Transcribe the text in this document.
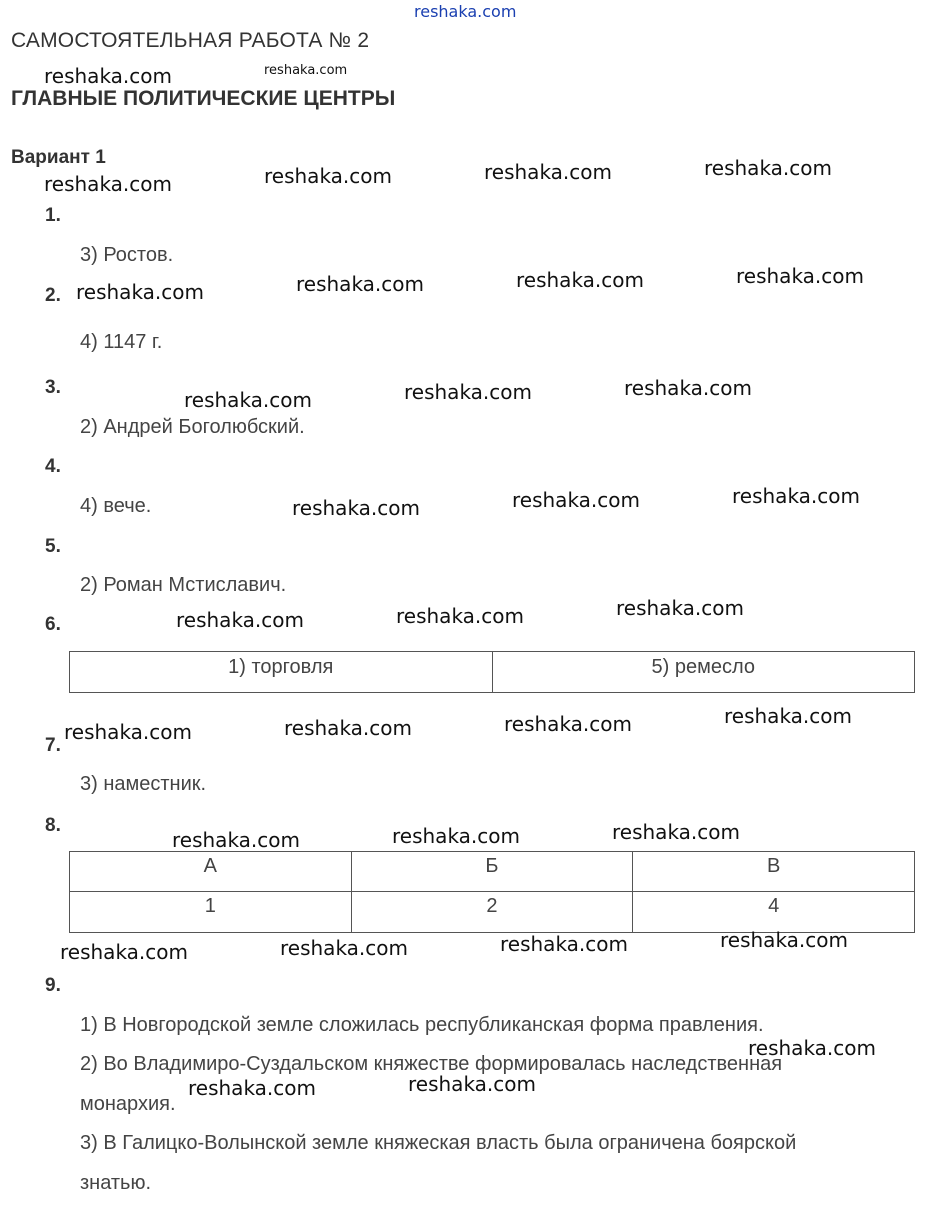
reshaka.com
САМОСТОЯТЕЛЬНАЯ РАБОТА № 2
ГЛАВНЫЕ ПОЛИТИЧЕСКИЕ ЦЕНТРЫ
Вариант 1
1.
3) Ростов.
2.
4) 1147 г.
3.
2) Андрей Боголюбский.
4.
4) вече.
5.
2) Роман Мстиславич.
6.
1) торговля	5) ремесло
7.
3) наместник.
8.
А	Б	В
1	2	4
9.
1) В Новгородской земле сложилась республиканская форма правления.
2) Во Владимиро-Суздальском княжестве формировалась наследственная
монархия.
3) В Галицко-Волынской земле княжеская власть была ограничена боярской
знатью.
reshaka.com	reshaka.com
reshaka.com	reshaka.com	reshaka.com	reshaka.com
reshaka.com	reshaka.com	reshaka.com	reshaka.com
reshaka.com	reshaka.com	reshaka.com
reshaka.com	reshaka.com	reshaka.com
reshaka.com	reshaka.com	reshaka.com
reshaka.com	reshaka.com	reshaka.com	reshaka.com
reshaka.com	reshaka.com	reshaka.com
reshaka.com	reshaka.com	reshaka.com	reshaka.com
reshaka.com
reshaka.com	reshaka.com
